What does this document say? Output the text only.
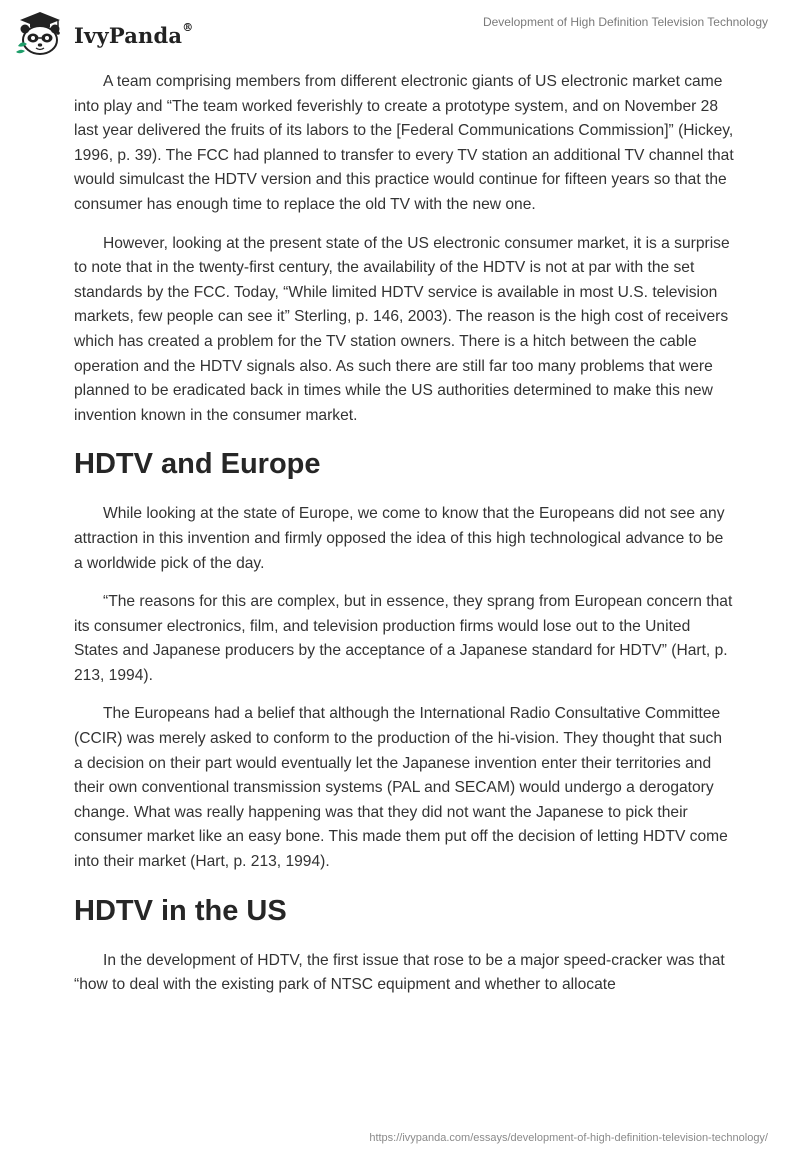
IvyPanda®	Development of High Definition Television Technology

A team comprising members from different electronic giants of US electronic market came into play and “The team worked feverishly to create a prototype system, and on November 28 last year delivered the fruits of its labors to the [Federal Communications Commission]” (Hickey, 1996, p. 39). The FCC had planned to transfer to every TV station an additional TV channel that would simulcast the HDTV version and this practice would continue for fifteen years so that the consumer has enough time to replace the old TV with the new one.

However, looking at the present state of the US electronic consumer market, it is a surprise to note that in the twenty-first century, the availability of the HDTV is not at par with the set standards by the FCC. Today, “While limited HDTV service is available in most U.S. television markets, few people can see it” Sterling, p. 146, 2003). The reason is the high cost of receivers which has created a problem for the TV station owners. There is a hitch between the cable operation and the HDTV signals also. As such there are still far too many problems that were planned to be eradicated back in times while the US authorities determined to make this new invention known in the consumer market.

HDTV and Europe

While looking at the state of Europe, we come to know that the Europeans did not see any attraction in this invention and firmly opposed the idea of this high technological advance to be a worldwide pick of the day.

“The reasons for this are complex, but in essence, they sprang from European concern that its consumer electronics, film, and television production firms would lose out to the United States and Japanese producers by the acceptance of a Japanese standard for HDTV” (Hart, p. 213, 1994).

The Europeans had a belief that although the International Radio Consultative Committee (CCIR) was merely asked to conform to the production of the hi-vision. They thought that such a decision on their part would eventually let the Japanese invention enter their territories and their own conventional transmission systems (PAL and SECAM) would undergo a derogatory change. What was really happening was that they did not want the Japanese to pick their consumer market like an easy bone. This made them put off the decision of letting HDTV come into their market (Hart, p. 213, 1994).

HDTV in the US

In the development of HDTV, the first issue that rose to be a major speed-cracker was that “how to deal with the existing park of NTSC equipment and whether to allocate

https://ivypanda.com/essays/development-of-high-definition-television-technology/
